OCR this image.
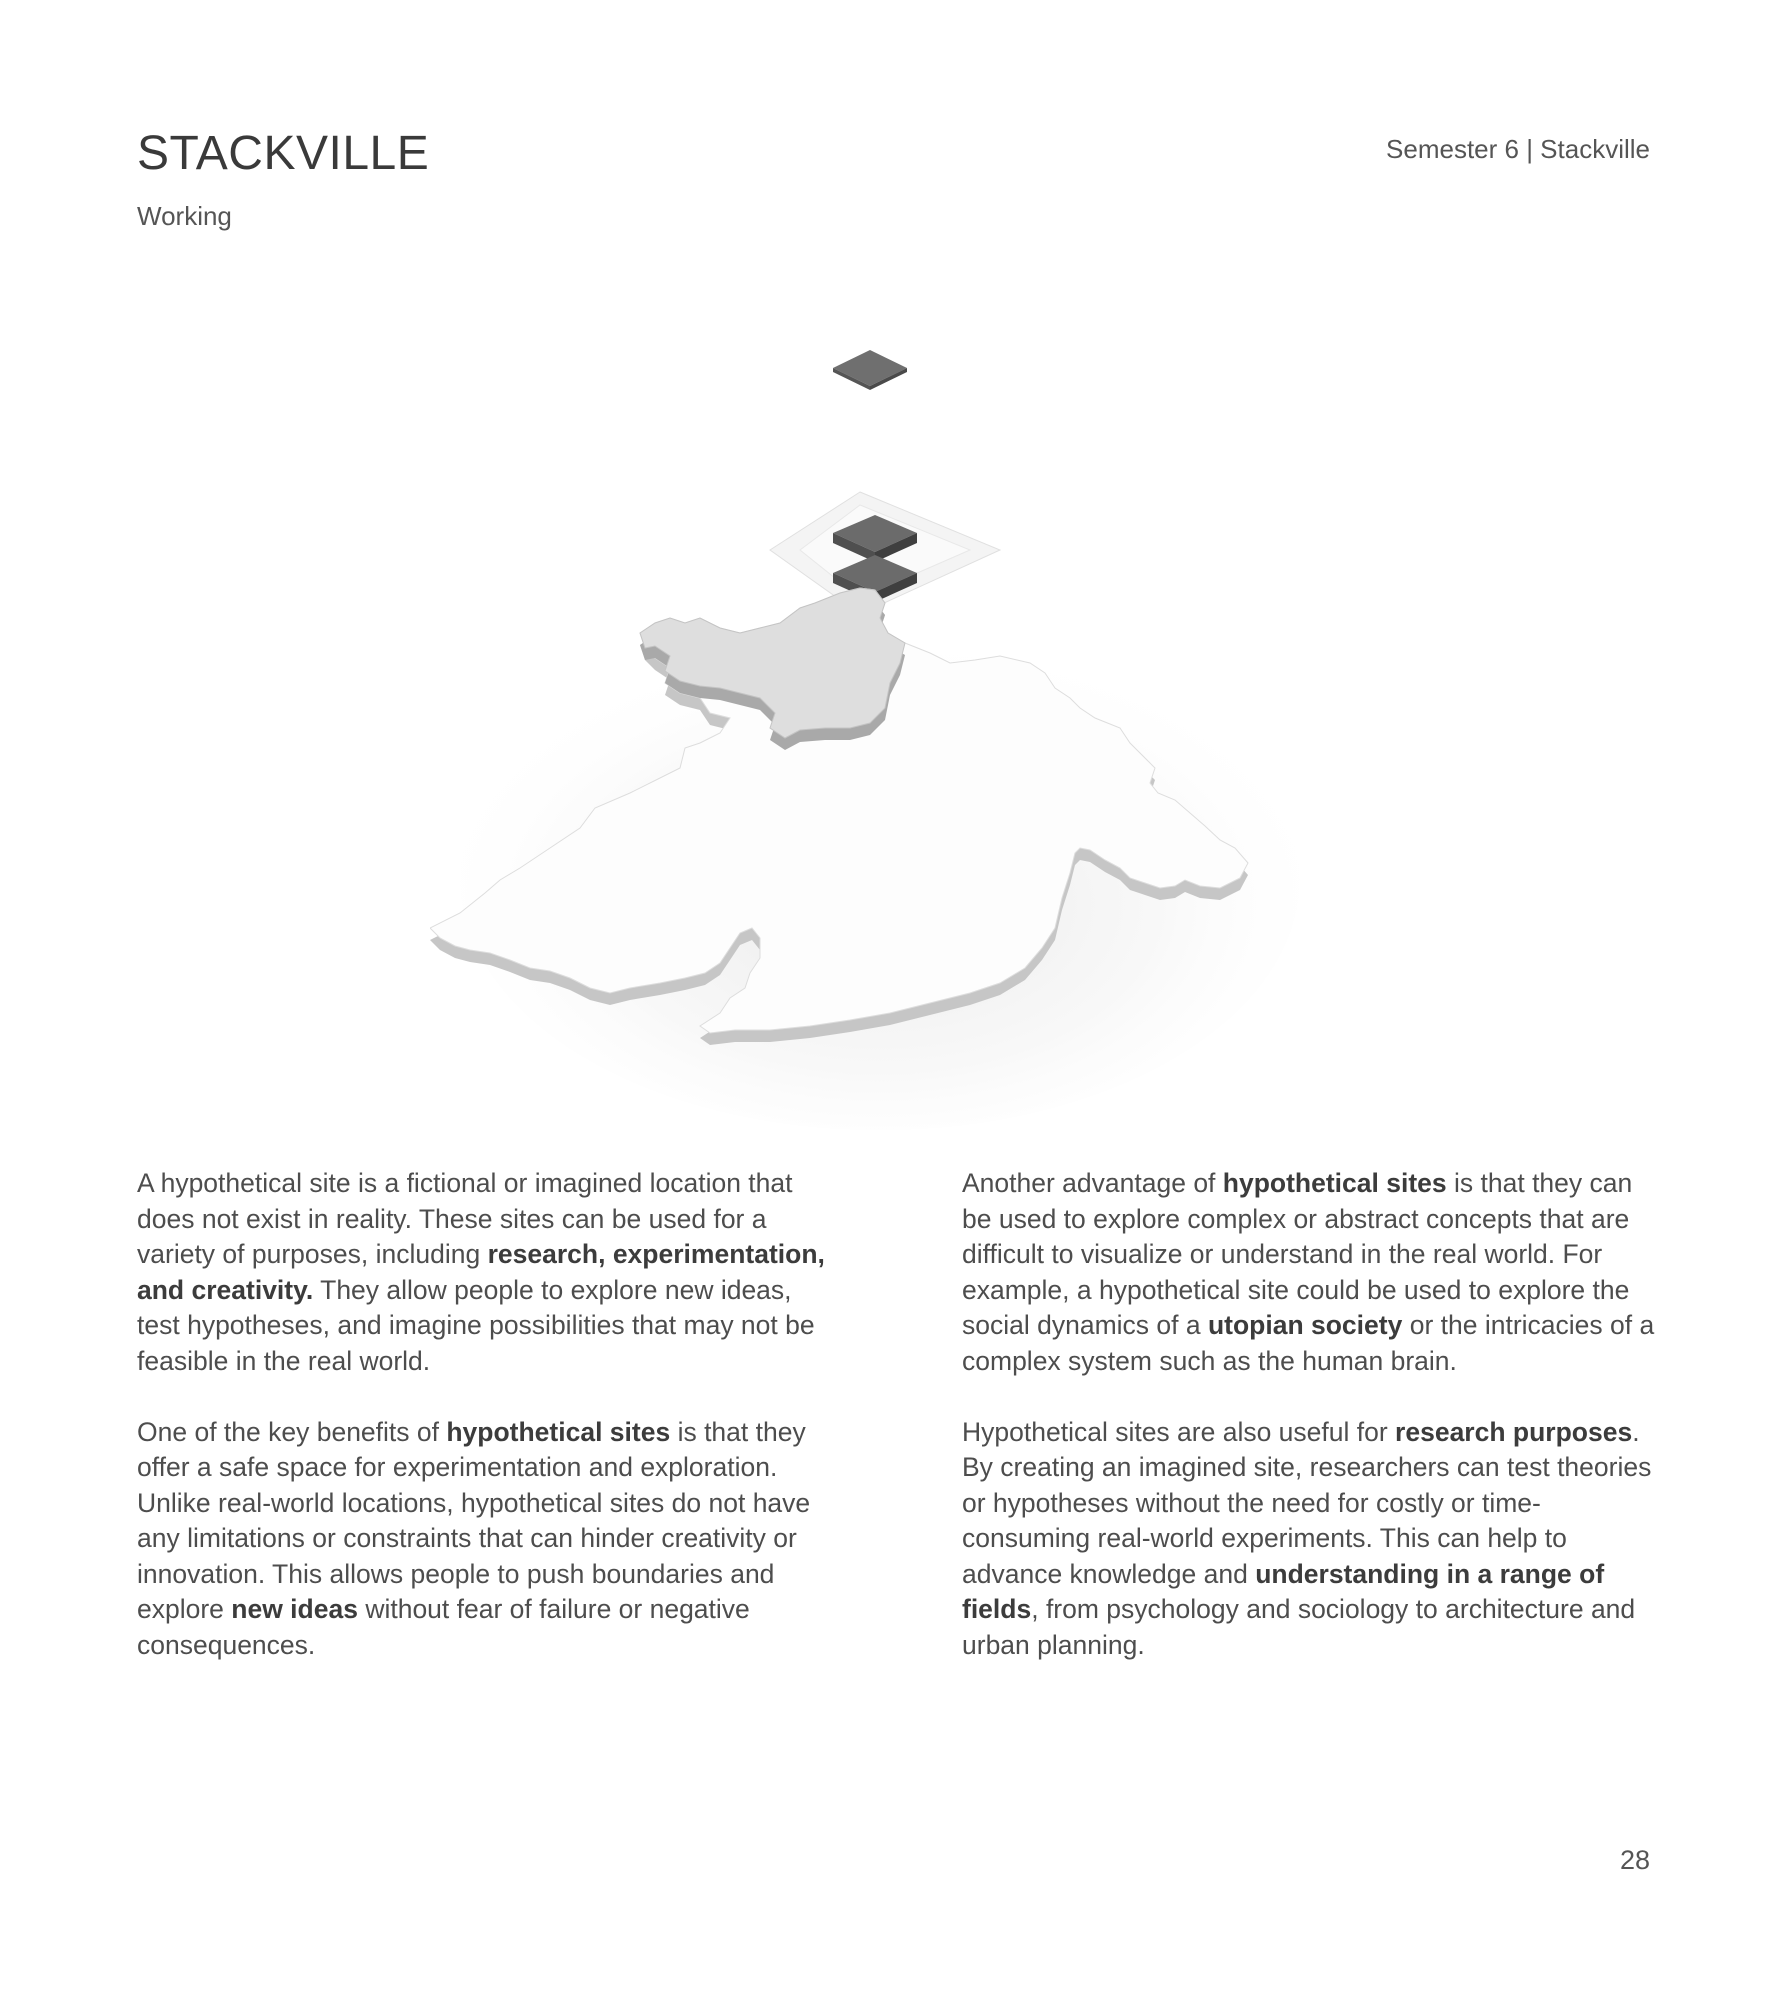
STACKVILLE
Working
Semester 6 | Stackville

A hypothetical site is a fictional or imagined location that does not exist in reality. These sites can be used for a variety of purposes, including research, experimentation, and creativity. They allow people to explore new ideas, test hypotheses, and imagine possibilities that may not be feasible in the real world.

One of the key benefits of hypothetical sites is that they offer a safe space for experimentation and exploration. Unlike real-world locations, hypothetical sites do not have any limitations or constraints that can hinder creativity or innovation. This allows people to push boundaries and explore new ideas without fear of failure or negative consequences.

Another advantage of hypothetical sites is that they can be used to explore complex or abstract concepts that are difficult to visualize or understand in the real world. For example, a hypothetical site could be used to explore the social dynamics of a utopian society or the intricacies of a complex system such as the human brain.

Hypothetical sites are also useful for research purposes. By creating an imagined site, researchers can test theories or hypotheses without the need for costly or time-consuming real-world experiments. This can help to advance knowledge and understanding in a range of fields, from psychology and sociology to architecture and urban planning.

28
